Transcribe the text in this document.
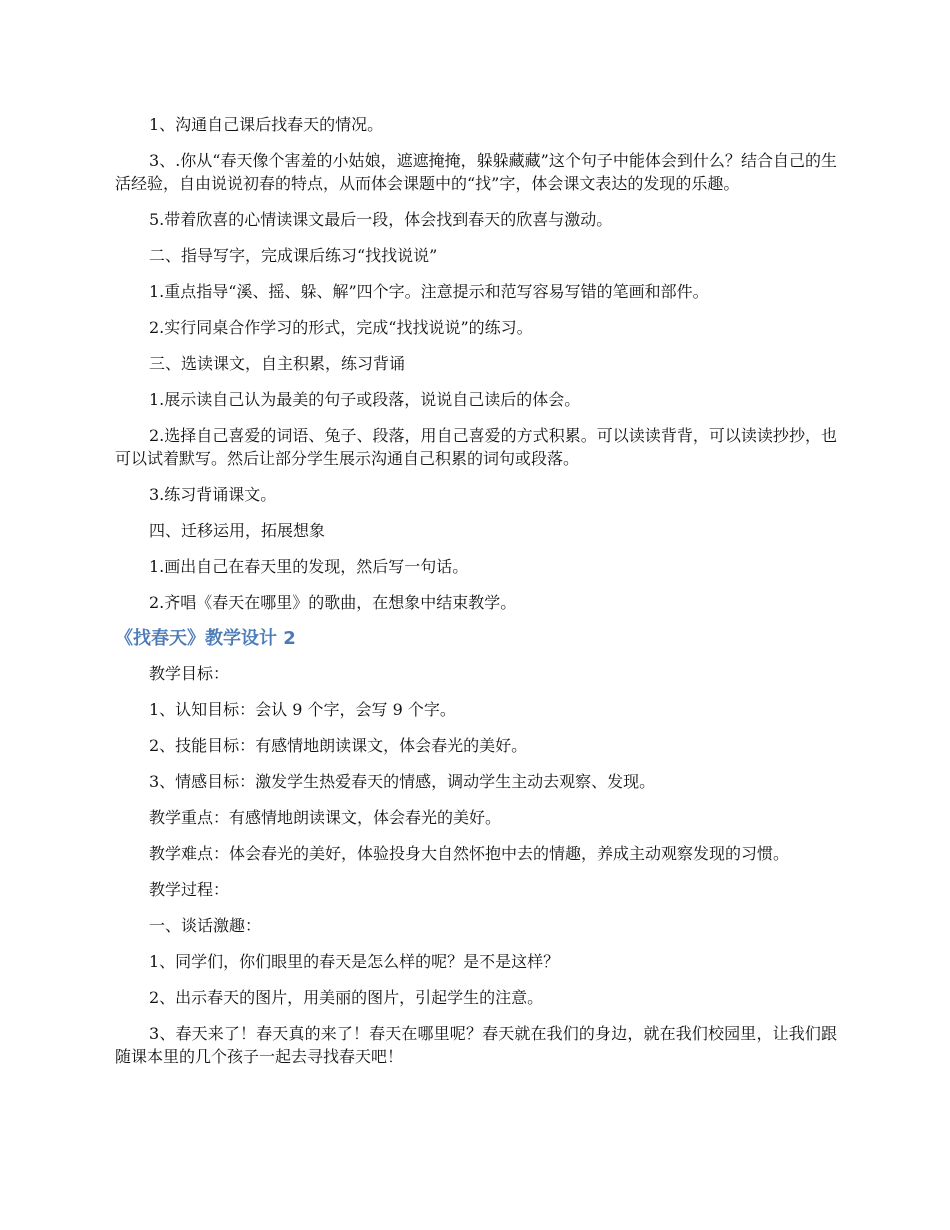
1、沟通自己课后找春天的情况。

3、.你从“春天像个害羞的小姑娘，遮遮掩掩，躲躲藏藏”这个句子中能体会到什么？结合自己的生活经验，自由说说初春的特点，从而体会课题中的“找”字，体会课文表达的发现的乐趣。

5.带着欣喜的心情读课文最后一段，体会找到春天的欣喜与激动。

二、指导写字，完成课后练习“找找说说”

1.重点指导“溪、摇、躲、解”四个字。注意提示和范写容易写错的笔画和部件。

2.实行同桌合作学习的形式，完成“找找说说”的练习。

三、选读课文，自主积累，练习背诵

1.展示读自己认为最美的句子或段落，说说自己读后的体会。

2.选择自己喜爱的词语、兔子、段落，用自己喜爱的方式积累。可以读读背背，可以读读抄抄，也可以试着默写。然后让部分学生展示沟通自己积累的词句或段落。

3.练习背诵课文。

四、迁移运用，拓展想象

1.画出自己在春天里的发现，然后写一句话。

2.齐唱《春天在哪里》的歌曲，在想象中结束教学。

《找春天》教学设计 2

教学目标：

1、认知目标：会认 9 个字，会写 9 个字。

2、技能目标：有感情地朗读课文，体会春光的美好。

3、情感目标：激发学生热爱春天的情感，调动学生主动去观察、发现。

教学重点：有感情地朗读课文，体会春光的美好。

教学难点：体会春光的美好，体验投身大自然怀抱中去的情趣，养成主动观察发现的习惯。

教学过程：

一、谈话激趣：

1、同学们，你们眼里的春天是怎么样的呢？是不是这样？

2、出示春天的图片，用美丽的图片，引起学生的注意。

3、春天来了！春天真的来了！春天在哪里呢？春天就在我们的身边，就在我们校园里，让我们跟随课本里的几个孩子一起去寻找春天吧！
